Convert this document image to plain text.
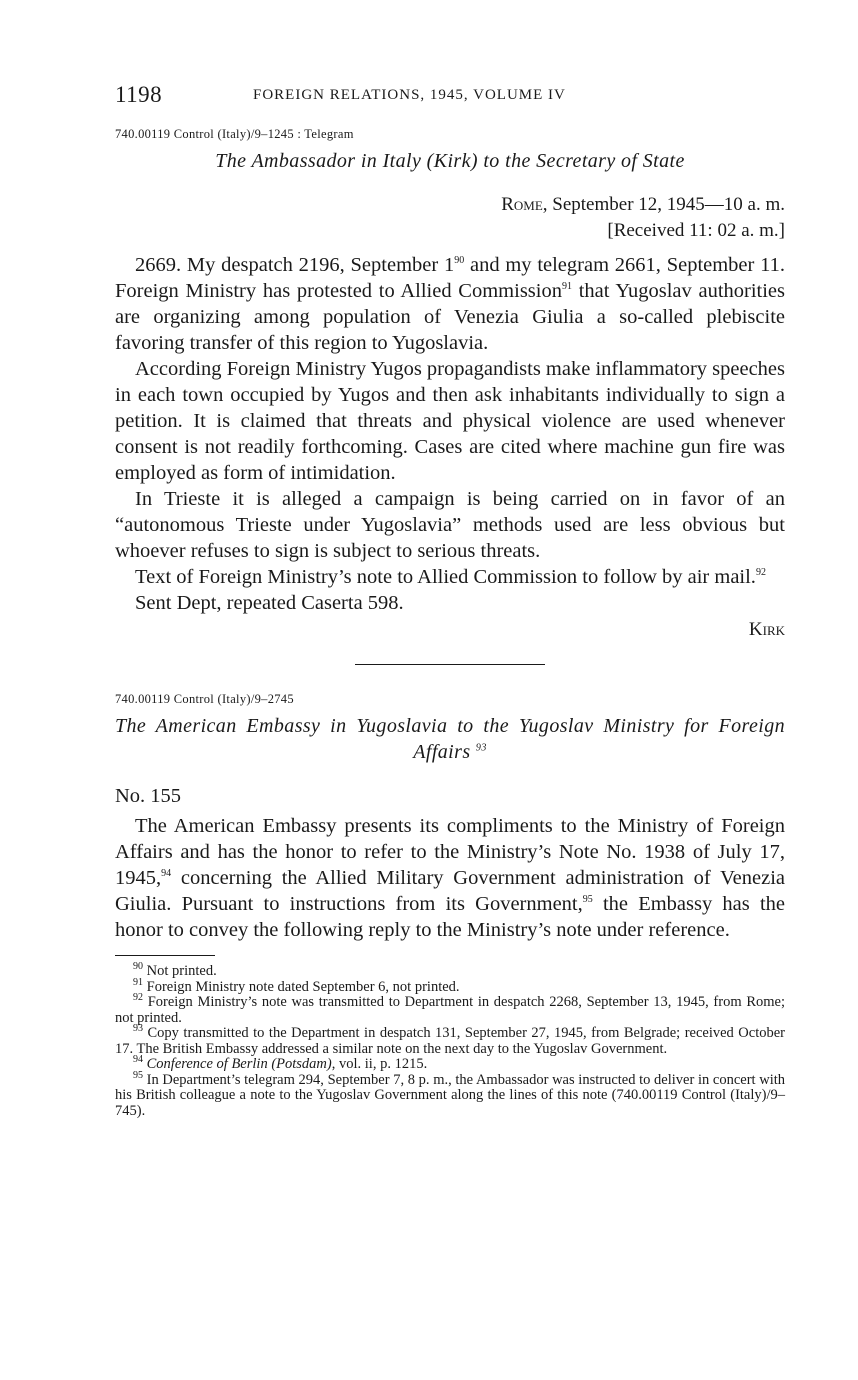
1198	FOREIGN RELATIONS, 1945, VOLUME IV
740.00119 Control (Italy)/9–1245 : Telegram
The Ambassador in Italy (Kirk) to the Secretary of State
Rome, September 12, 1945—10 a. m.
[Received 11: 02 a. m.]

2669. My despatch 2196, September 1$^{90}$ and my telegram 2661, September 11. Foreign Ministry has protested to Allied Commission$^{91}$ that Yugoslav authorities are organizing among population of Venezia Giulia a so-called plebiscite favoring transfer of this region to Yugoslavia.

According Foreign Ministry Yugos propagandists make inflammatory speeches in each town occupied by Yugos and then ask inhabitants individually to sign a petition. It is claimed that threats and physical violence are used whenever consent is not readily forthcoming. Cases are cited where machine gun fire was employed as form of intimidation.

In Trieste it is alleged a campaign is being carried on in favor of an “autonomous Trieste under Yugoslavia” methods used are less obvious but whoever refuses to sign is subject to serious threats.

Text of Foreign Ministry’s note to Allied Commission to follow by air mail.$^{92}$

Sent Dept, repeated Caserta 598.

Kirk
740.00119 Control (Italy)/9–2745
The American Embassy in Yugoslavia to the Yugoslav Ministry for Foreign Affairs $^{93}$

No. 155

The American Embassy presents its compliments to the Ministry of Foreign Affairs and has the honor to refer to the Ministry’s Note No. 1938 of July 17, 1945,94 concerning the Allied Military Government administration of Venezia Giulia. Pursuant to instructions from its Government,$^{95}$ the Embassy has the honor to convey the following reply to the Ministry’s note under reference.

$^{90}$ Not printed.

$^{91}$ Foreign Ministry note dated September 6, not printed.

$^{92}$ Foreign Ministry’s note was transmitted to Department in despatch 2268, September 13, 1945, from Rome; not printed.

$^{93}$ Copy transmitted to the Department in despatch 131, September 27, 1945, from Belgrade; received October 17. The British Embassy addressed a similar note on the next day to the Yugoslav Government.

$^{94}$ Conference of Berlin (Potsdam), vol. ii, p. 1215.

$^{95}$ In Department’s telegram 294, September 7, 8 p. m., the Ambassador was instructed to deliver in concert with his British colleague a note to the Yugoslav Government along the lines of this note (740.00119 Control (Italy)/9–745).
